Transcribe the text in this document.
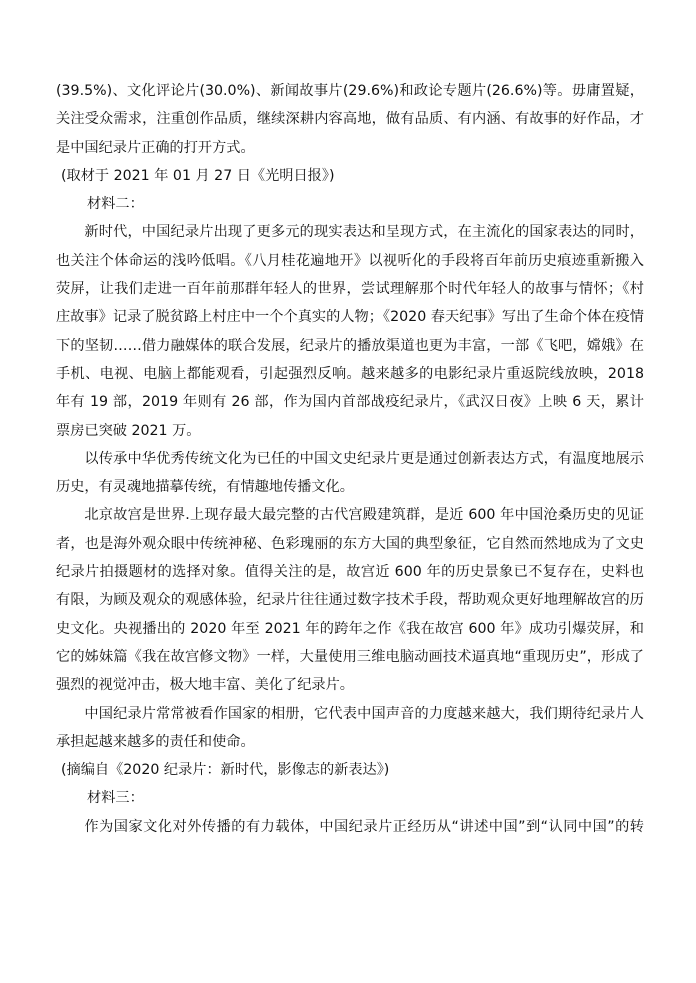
(39.5%)、文化评论片(30.0%)、新闻故事片(29.6%)和政论专题片(26.6%)等。毋庸置疑，关注受众需求，注重创作品质，继续深耕内容高地，做有品质、有内涵、有故事的好作品，才是中国纪录片正确的打开方式。

(取材于 2021 年 01 月 27 日《光明日报》)

材料二：

新时代，中国纪录片出现了更多元的现实表达和呈现方式，在主流化的国家表达的同时，也关注个体命运的浅吟低唱。《八月桂花遍地开》以视听化的手段将百年前历史痕迹重新搬入荧屏，让我们走进一百年前那群年轻人的世界，尝试理解那个时代年轻人的故事与情怀；《村庄故事》记录了脱贫路上村庄中一个个真实的人物；《2020 春天纪事》写出了生命个体在疫情下的坚韧……借力融媒体的联合发展，纪录片的播放渠道也更为丰富，一部《飞吧，嫦娥》在手机、电视、电脑上都能观看，引起强烈反响。越来越多的电影纪录片重返院线放映，2018 年有 19 部，2019 年则有 26 部，作为国内首部战疫纪录片，《武汉日夜》上映 6 天，累计票房已突破 2021 万。

以传承中华优秀传统文化为已任的中国文史纪录片更是通过创新表达方式，有温度地展示历史，有灵魂地描摹传统，有情趣地传播文化。

北京故宫是世界.上现存最大最完整的古代宫殿建筑群，是近 600 年中国沧桑历史的见证者，也是海外观众眼中传统神秘、色彩瑰丽的东方大国的典型象征，它自然而然地成为了文史纪录片拍摄题材的选择对象。值得关注的是，故宫近 600 年的历史景象已不复存在，史料也有限，为顾及观众的观感体验，纪录片往往通过数字技术手段，帮助观众更好地理解故宫的历史文化。央视播出的 2020 年至 2021 年的跨年之作《我在故宫 600 年》成功引爆荧屏，和它的姊妹篇《我在故宫修文物》一样，大量使用三维电脑动画技术逼真地“重现历史”，形成了强烈的视觉冲击，极大地丰富、美化了纪录片。

中国纪录片常常被看作国家的相册，它代表中国声音的力度越来越大，我们期待纪录片人承担起越来越多的责任和使命。

(摘编自《2020 纪录片：新时代，影像志的新表达》)

材料三：

作为国家文化对外传播的有力载体，中国纪录片正经历从“讲述中国”到“认同中国”的转
